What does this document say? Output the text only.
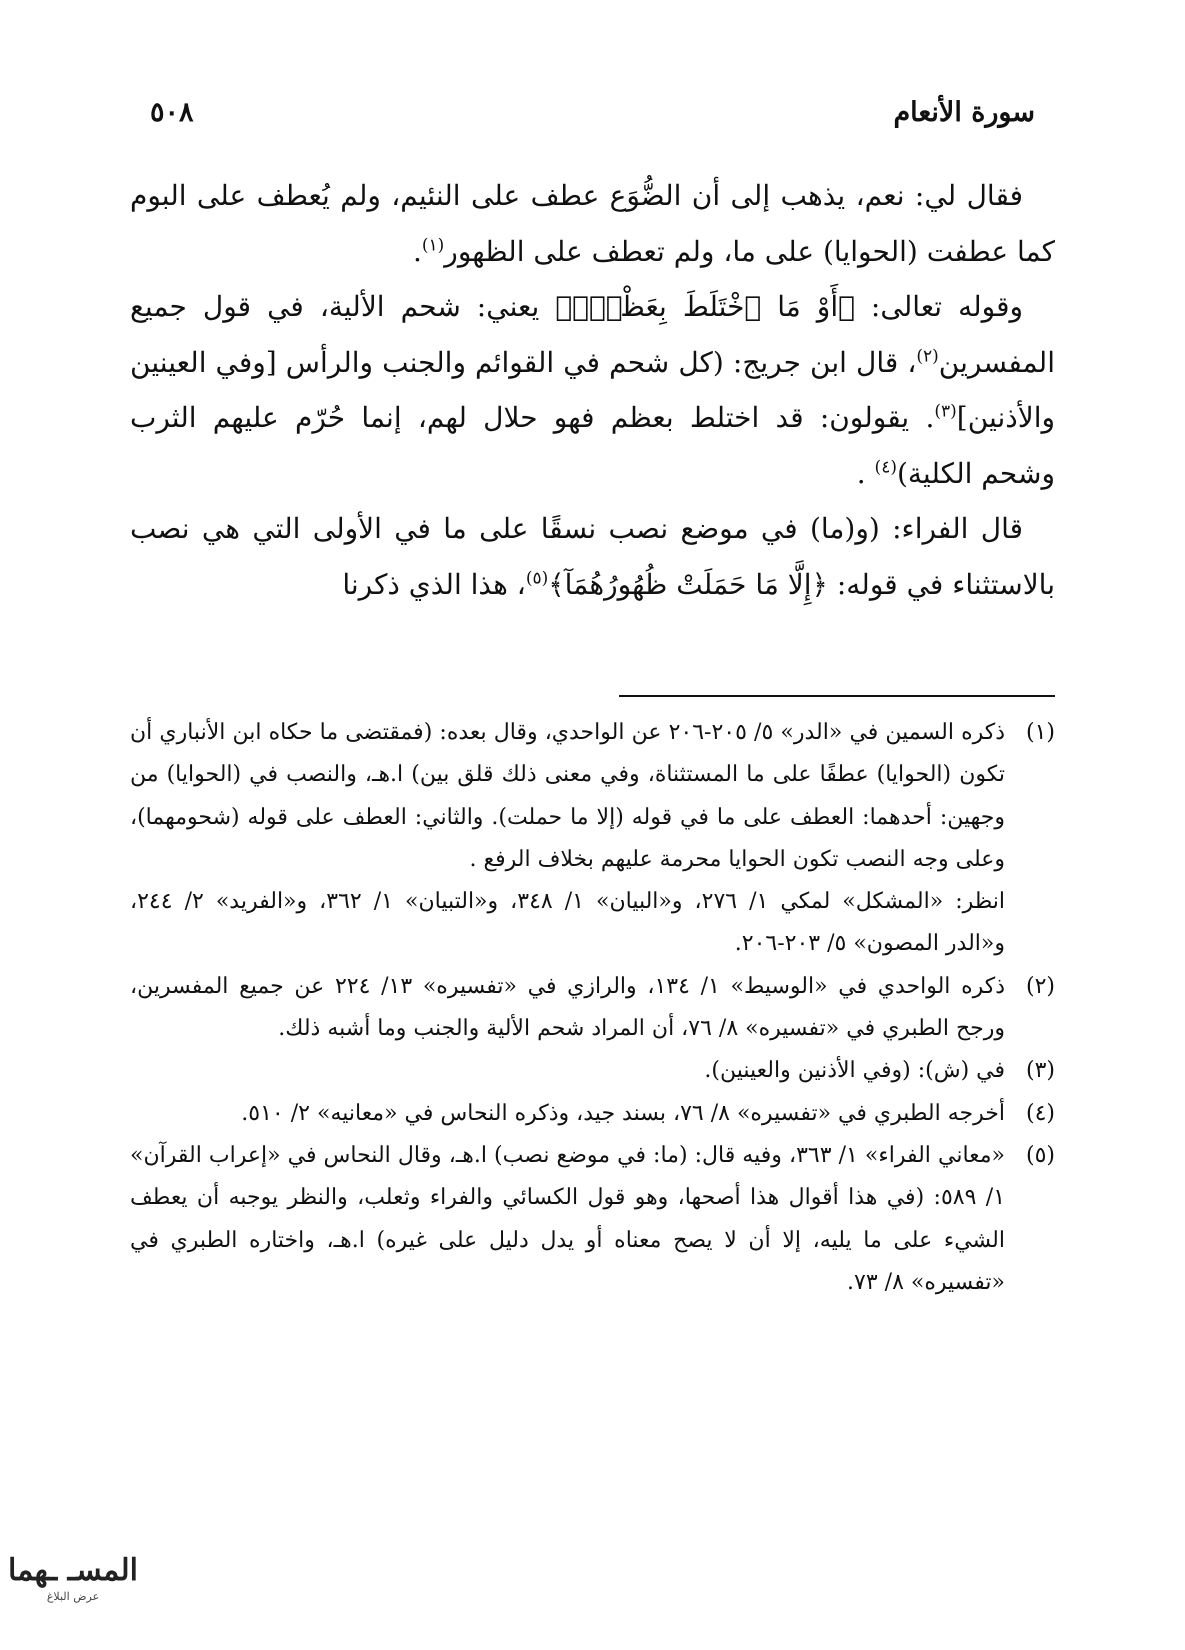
سورة الأنعام
٥٠٨

فقال لي: نعم، يذهب إلى أن الضُّوَع عطف على النئيم، ولم يُعطف على البوم كما عطفت (الحوايا) على ما، ولم تعطف على الظهور$^{(١)}$.

وقوله تعالى: ﴿أَوْ مَا ٱخْتَلَطَ بِعَظْمٍۚ﴾ يعني: شحم الألية، في قول جميع المفسرين$^{(٢)}$، قال ابن جريج: (كل شحم في القوائم والجنب والرأس [وفي العينين والأذنين]$^{(٣)}$. يقولون: قد اختلط بعظم فهو حلال لهم، إنما حُرّم عليهم الثرب وشحم الكلية)$^{(٤)}$ .

قال الفراء: (و(ما) في موضع نصب نسقًا على ما في الأولى التي هي نصب بالاستثناء في قوله: ﴿إِلَّا مَا حَمَلَتْ ظُهُورُهُمَآ﴾$^{(٥)}$، هذا الذي ذكرنا

(١)
ذكره السمين في «الدر» ٥/ ٢٠٥-٢٠٦ عن الواحدي، وقال بعده: (فمقتضى ما حكاه ابن الأنباري أن تكون (الحوايا) عطفًا على ما المستثناة، وفي معنى ذلك قلق بين) ا.هـ، والنصب في (الحوايا) من وجهين: أحدهما: العطف على ما في قوله (إلا ما حملت). والثاني: العطف على قوله (شحومهما)، وعلى وجه النصب تكون الحوايا محرمة عليهم بخلاف الرفع .
انظر: «المشكل» لمكي ١/ ٢٧٦، و«البيان» ١/ ٣٤٨، و«التبيان» ١/ ٣٦٢، و«الفريد» ٢/ ٢٤٤، و«الدر المصون» ٥/ ٢٠٣-٢٠٦.
(٢)
ذكره الواحدي في «الوسيط» ١/ ١٣٤، والرازي في «تفسيره» ١٣/ ٢٢٤ عن جميع المفسرين، ورجح الطبري في «تفسيره» ٨/ ٧٦، أن المراد شحم الألية والجنب وما أشبه ذلك.
(٣)
في (ش): (وفي الأذنين والعينين).
(٤)
أخرجه الطبري في «تفسيره» ٨/ ٧٦، بسند جيد، وذكره النحاس في «معانيه» ٢/ ٥١٠.
(٥)
«معاني الفراء» ١/ ٣٦٣، وفيه قال: (ما: في موضع نصب) ا.هـ، وقال النحاس في «إعراب القرآن» ١/ ٥٨٩: (في هذا أقوال هذا أصحها، وهو قول الكسائي والفراء وثعلب، والنظر يوجبه أن يعطف الشيء على ما يليه، إلا أن لا يصح معناه أو يدل دليل على غيره) ا.هـ، واختاره الطبري في «تفسيره» ٨/ ٧٣.
المسـ ـهما
عرض البلاغ
